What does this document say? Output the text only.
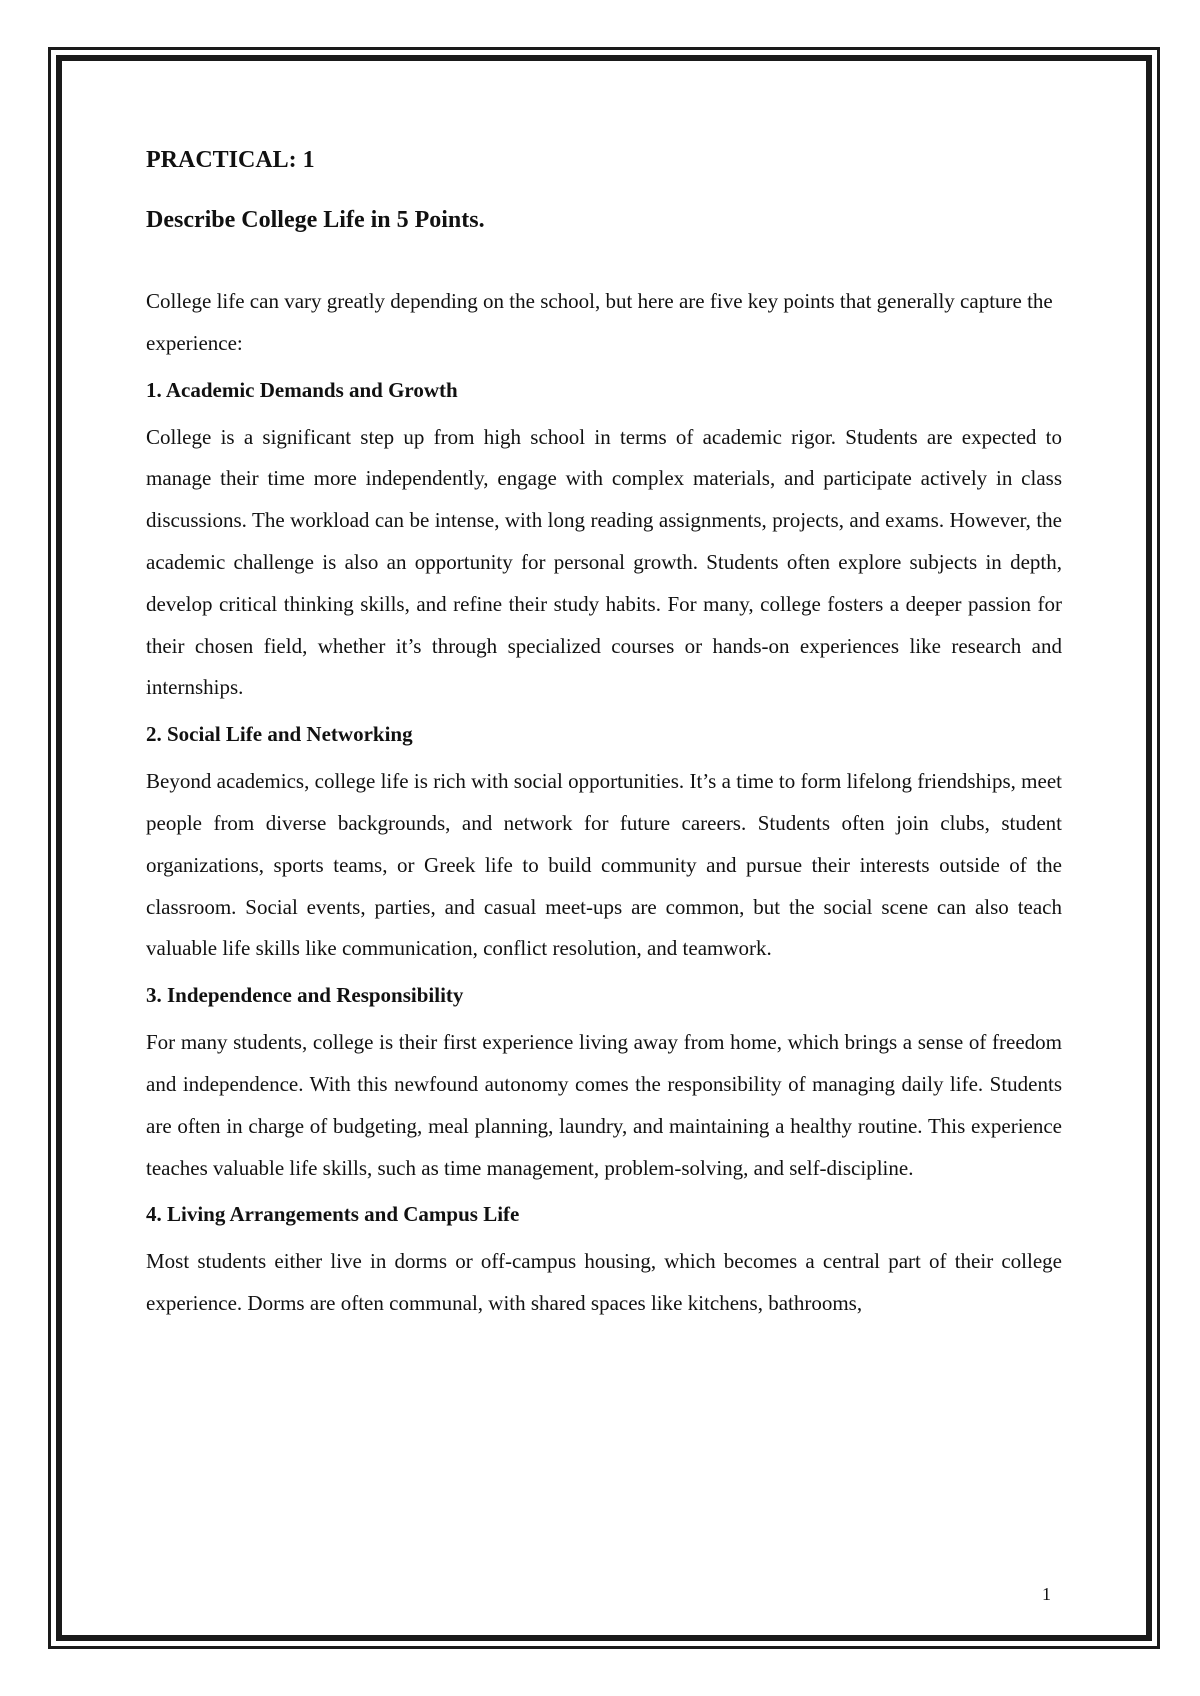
PRACTICAL: 1
Describe College Life in 5 Points.

College life can vary greatly depending on the school, but here are five key points that generally capture the experience:

1. Academic Demands and Growth

College is a significant step up from high school in terms of academic rigor. Students are expected to manage their time more independently, engage with complex materials, and participate actively in class discussions. The workload can be intense, with long reading assignments, projects, and exams. However, the academic challenge is also an opportunity for personal growth. Students often explore subjects in depth, develop critical thinking skills, and refine their study habits. For many, college fosters a deeper passion for their chosen field, whether it’s through specialized courses or hands-on experiences like research and internships.

2. Social Life and Networking

Beyond academics, college life is rich with social opportunities. It’s a time to form lifelong friendships, meet people from diverse backgrounds, and network for future careers. Students often join clubs, student organizations, sports teams, or Greek life to build community and pursue their interests outside of the classroom. Social events, parties, and casual meet-ups are common, but the social scene can also teach valuable life skills like communication, conflict resolution, and teamwork.

3. Independence and Responsibility

For many students, college is their first experience living away from home, which brings a sense of freedom and independence. With this newfound autonomy comes the responsibility of managing daily life. Students are often in charge of budgeting, meal planning, laundry, and maintaining a healthy routine. This experience teaches valuable life skills, such as time management, problem-solving, and self-discipline.

4. Living Arrangements and Campus Life

Most students either live in dorms or off-campus housing, which becomes a central part of their college experience. Dorms are often communal, with shared spaces like kitchens, bathrooms,

1
